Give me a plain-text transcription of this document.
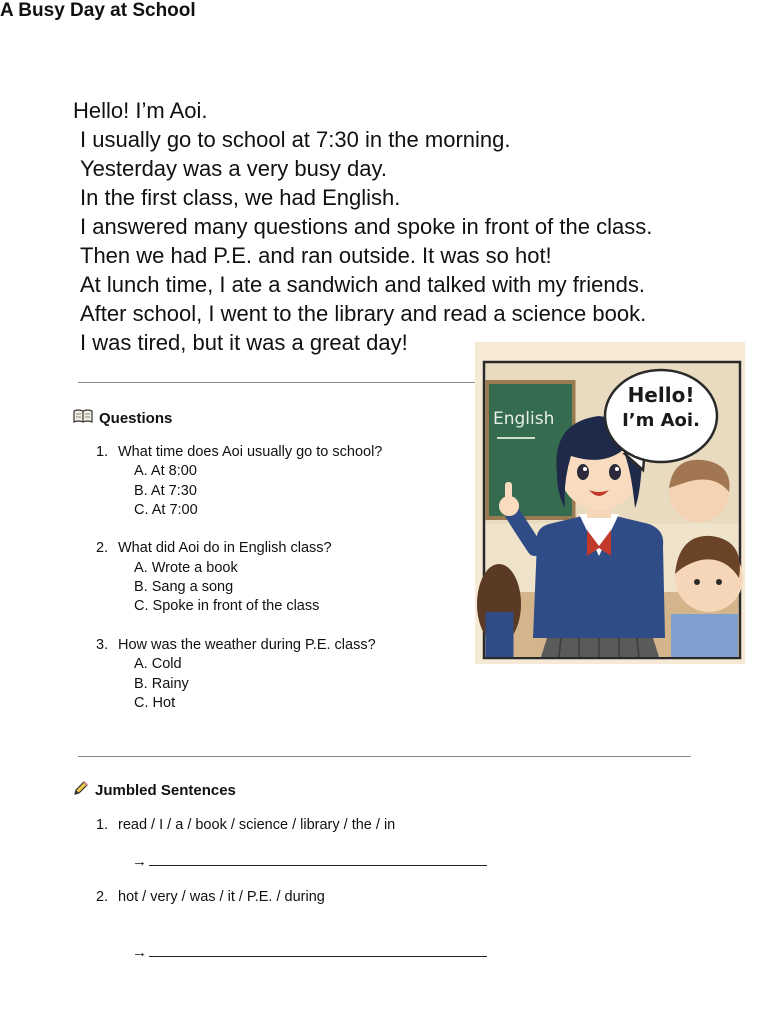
A Busy Day at School
Hello! I’m Aoi.
I usually go to school at 7:30 in the morning.
Yesterday was a very busy day.
In the first class, we had English.
I answered many questions and spoke in front of the class.
Then we had P.E. and ran outside. It was so hot!
At lunch time, I ate a sandwich and talked with my friends.
After school, I went to the library and read a science book.
I was tired, but it was a great day!
English
Hello!
I’m Aoi.
Questions
1. What time does Aoi usually go to school?
A. At 8:00
B. At 7:30
C. At 7:00
2. What did Aoi do in English class?
A. Wrote a book
B. Sang a song
C. Spoke in front of the class
3. How was the weather during P.E. class?
A. Cold
B. Rainy
C. Hot
Jumbled Sentences
1. read / I / a / book / science / library / the / in
→
2. hot / very / was / it / P.E. / during
→
